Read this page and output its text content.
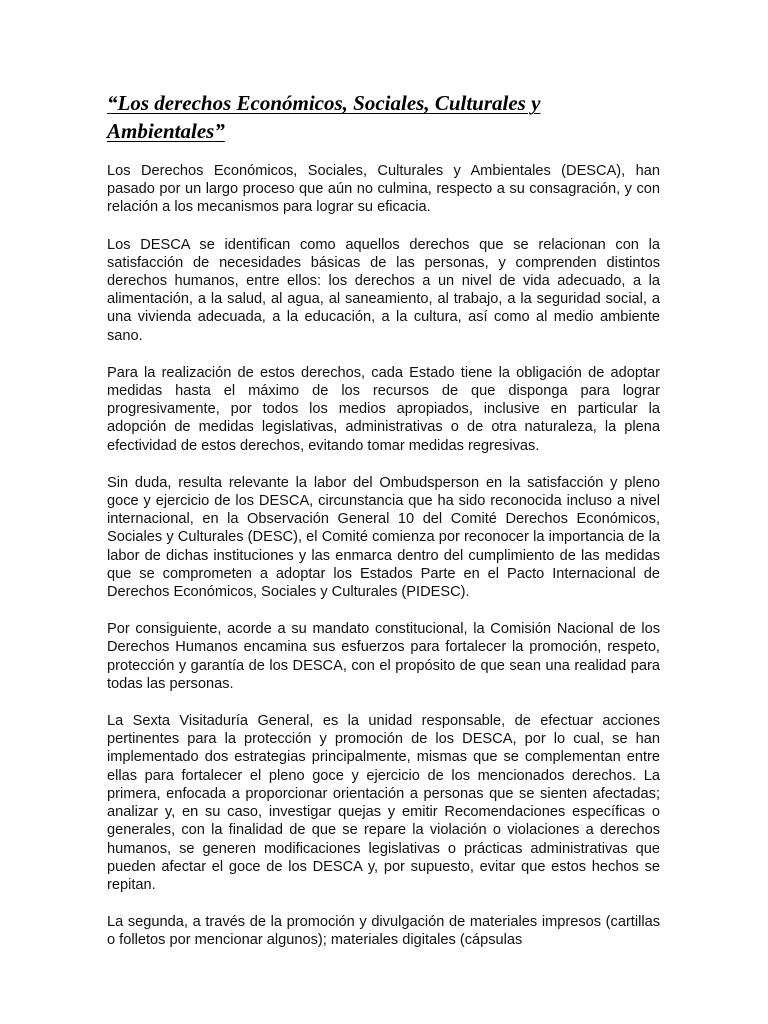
“Los derechos Económicos, Sociales, Culturales y Ambientales”

Los Derechos Económicos, Sociales, Culturales y Ambientales (DESCA), han pasado por un largo proceso que aún no culmina, respecto a su consagración, y con relación a los mecanismos para lograr su eficacia.

Los DESCA se identifican como aquellos derechos que se relacionan con la satisfacción de necesidades básicas de las personas, y comprenden distintos derechos humanos, entre ellos: los derechos a un nivel de vida adecuado, a la alimentación, a la salud, al agua, al saneamiento, al trabajo, a la seguridad social, a una vivienda adecuada, a la educación, a la cultura, así como al medio ambiente sano.

Para la realización de estos derechos, cada Estado tiene la obligación de adoptar medidas hasta el máximo de los recursos de que disponga para lograr progresivamente, por todos los medios apropiados, inclusive en particular la adopción de medidas legislativas, administrativas o de otra naturaleza, la plena efectividad de estos derechos, evitando tomar medidas regresivas.

Sin duda, resulta relevante la labor del Ombudsperson en la satisfacción y pleno goce y ejercicio de los DESCA, circunstancia que ha sido reconocida incluso a nivel internacional, en la Observación General 10 del Comité Derechos Económicos, Sociales y Culturales (DESC), el Comité comienza por reconocer la importancia de la labor de dichas instituciones y las enmarca dentro del cumplimiento de las medidas que se comprometen a adoptar los Estados Parte en el Pacto Internacional de Derechos Económicos, Sociales y Culturales (PIDESC).

Por consiguiente, acorde a su mandato constitucional, la Comisión Nacional de los Derechos Humanos encamina sus esfuerzos para fortalecer la promoción, respeto, protección y garantía de los DESCA, con el propósito de que sean una realidad para todas las personas.

La Sexta Visitaduría General, es la unidad responsable, de efectuar acciones pertinentes para la protección y promoción de los DESCA, por lo cual, se han implementado dos estrategias principalmente, mismas que se complementan entre ellas para fortalecer el pleno goce y ejercicio de los mencionados derechos. La primera, enfocada a proporcionar orientación a personas que se sienten afectadas; analizar y, en su caso, investigar quejas y emitir Recomendaciones específicas o generales, con la finalidad de que se repare la violación o violaciones a derechos humanos, se generen modificaciones legislativas o prácticas administrativas que pueden afectar el goce de los DESCA y, por supuesto, evitar que estos hechos se repitan.

La segunda, a través de la promoción y divulgación de materiales impresos (cartillas o folletos por mencionar algunos); materiales digitales (cápsulas
